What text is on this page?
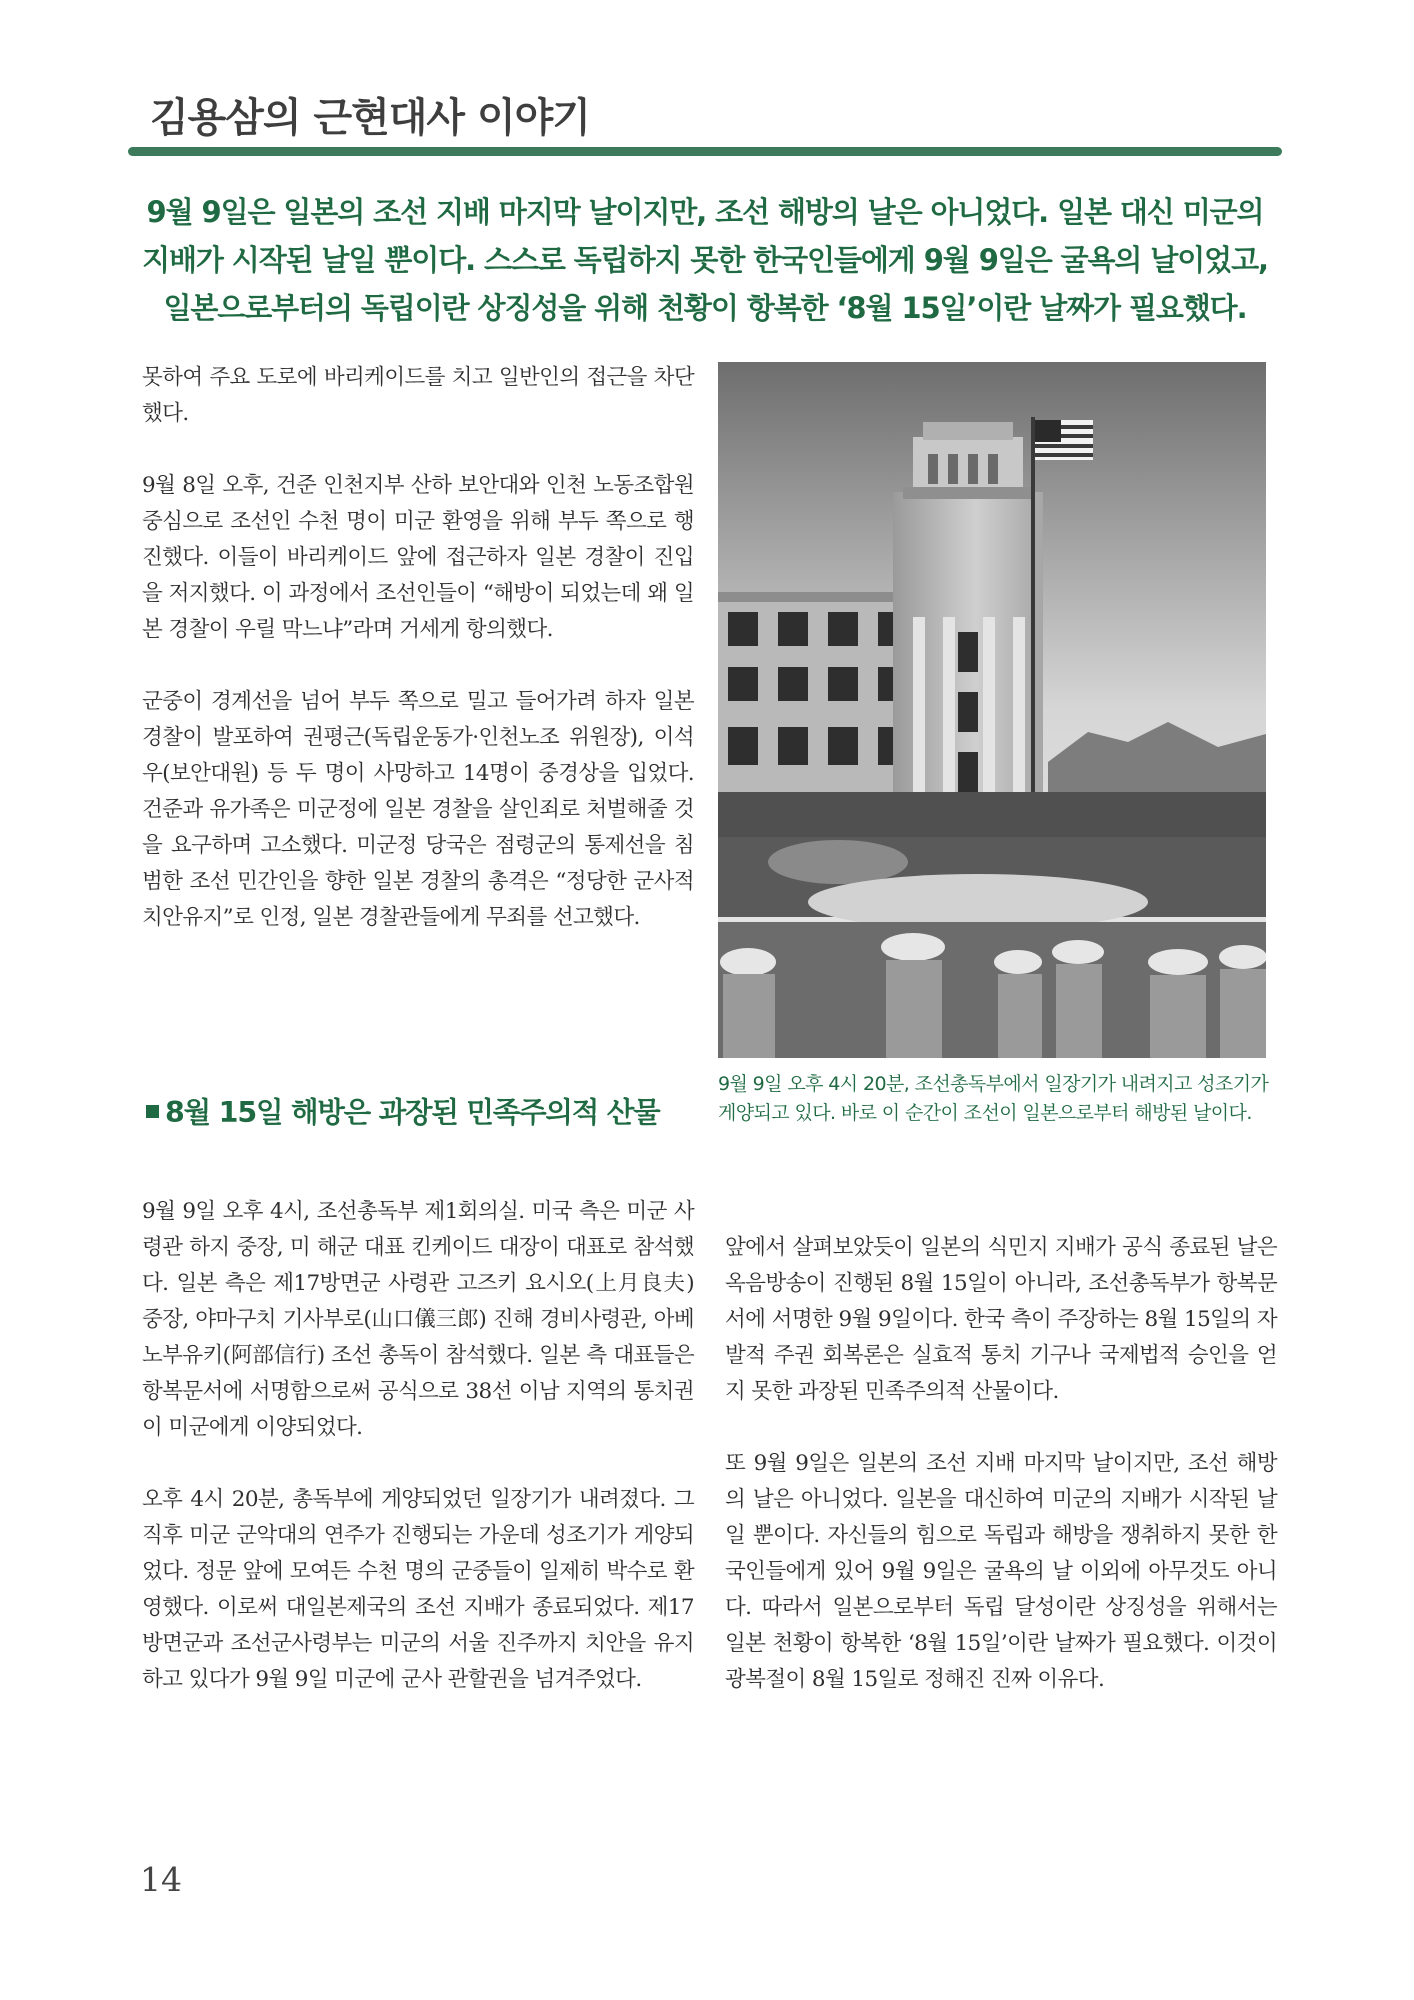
김용삼의 근현대사 이야기
9월 9일은 일본의 조선 지배 마지막 날이지만, 조선 해방의 날은 아니었다. 일본 대신 미군의
지배가 시작된 날일 뿐이다. 스스로 독립하지 못한 한국인들에게 9월 9일은 굴욕의 날이었고,
일본으로부터의 독립이란 상징성을 위해 천황이 항복한 ‘8월 15일’이란 날짜가 필요했다.

못하여 주요 도로에 바리케이드를 치고 일반인의 접근을 차단했다.

9월 8일 오후, 건준 인천지부 산하 보안대와 인천 노동조합원 중심으로 조선인 수천 명이 미군 환영을 위해 부두 쪽으로 행진했다. 이들이 바리케이드 앞에 접근하자 일본 경찰이 진입을 저지했다. 이 과정에서 조선인들이 “해방이 되었는데 왜 일본 경찰이 우릴 막느냐”라며 거세게 항의했다.

군중이 경계선을 넘어 부두 쪽으로 밀고 들어가려 하자 일본 경찰이 발포하여 권평근(독립운동가·인천노조 위원장), 이석우(보안대원) 등 두 명이 사망하고 14명이 중경상을 입었다. 건준과 유가족은 미군정에 일본 경찰을 살인죄로 처벌해줄 것을 요구하며 고소했다. 미군정 당국은 점령군의 통제선을 침범한 조선 민간인을 향한 일본 경찰의 총격은 “정당한 군사적 치안유지”로 인정, 일본 경찰관들에게 무죄를 선고했다.

9월 9일 오후 4시 20분, 조선총독부에서 일장기가 내려지고 성조기가 게양되고 있다. 바로 이 순간이 조선이 일본으로부터 해방된 날이다.
8월 15일 해방은 과장된 민족주의적 산물

9월 9일 오후 4시, 조선총독부 제1회의실. 미국 측은 미군 사령관 하지 중장, 미 해군 대표 킨케이드 대장이 대표로 참석했다. 일본 측은 제17방면군 사령관 고즈키 요시오(上月良夫) 중장, 야마구치 기사부로(山口儀三郎) 진해 경비사령관, 아베 노부유키(阿部信行) 조선 총독이 참석했다. 일본 측 대표들은 항복문서에 서명함으로써 공식으로 38선 이남 지역의 통치권이 미군에게 이양되었다.

오후 4시 20분, 총독부에 게양되었던 일장기가 내려졌다. 그 직후 미군 군악대의 연주가 진행되는 가운데 성조기가 게양되었다. 정문 앞에 모여든 수천 명의 군중들이 일제히 박수로 환영했다. 이로써 대일본제국의 조선 지배가 종료되었다. 제17방면군과 조선군사령부는 미군의 서울 진주까지 치안을 유지하고 있다가 9월 9일 미군에 군사 관할권을 넘겨주었다.

앞에서 살펴보았듯이 일본의 식민지 지배가 공식 종료된 날은 옥음방송이 진행된 8월 15일이 아니라, 조선총독부가 항복문서에 서명한 9월 9일이다. 한국 측이 주장하는 8월 15일의 자발적 주권 회복론은 실효적 통치 기구나 국제법적 승인을 얻지 못한 과장된 민족주의적 산물이다.

또 9월 9일은 일본의 조선 지배 마지막 날이지만, 조선 해방의 날은 아니었다. 일본을 대신하여 미군의 지배가 시작된 날일 뿐이다. 자신들의 힘으로 독립과 해방을 쟁취하지 못한 한국인들에게 있어 9월 9일은 굴욕의 날 이외에 아무것도 아니다. 따라서 일본으로부터 독립 달성이란 상징성을 위해서는 일본 천황이 항복한 ‘8월 15일’이란 날짜가 필요했다. 이것이 광복절이 8월 15일로 정해진 진짜 이유다.

14
